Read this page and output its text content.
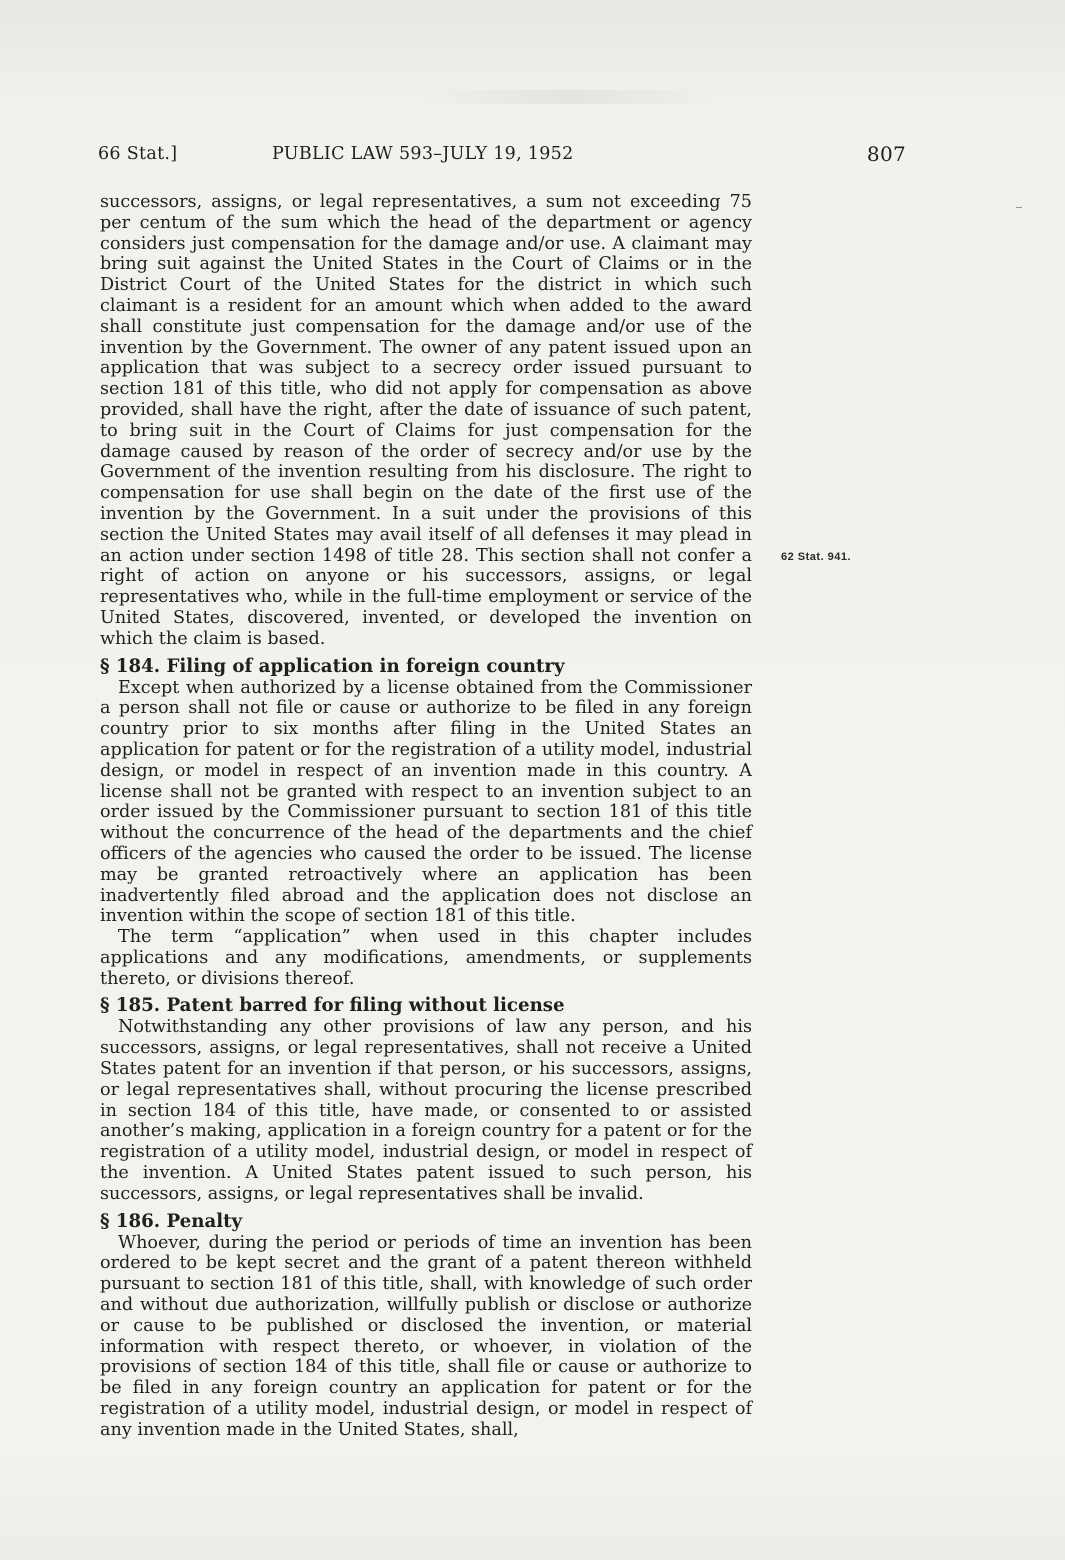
66 Stat.]	PUBLIC LAW 593–JULY 19, 1952	807

successors, assigns, or legal representatives, a sum not exceeding 75 per centum of the sum which the head of the department or agency considers just compensation for the damage and/or use. A claimant may bring suit against the United States in the Court of Claims or in the District Court of the United States for the district in which such claimant is a resident for an amount which when added to the award shall constitute just compensation for the damage and/or use of the invention by the Government. The owner of any patent issued upon an application that was subject to a secrecy order issued pursuant to section 181 of this title, who did not apply for compensation as above provided, shall have the right, after the date of issuance of such patent, to bring suit in the Court of Claims for just compensation for the damage caused by reason of the order of secrecy and/or use by the Government of the invention resulting from his disclosure. The right to compensation for use shall begin on the date of the first use of the invention by the Government. In a suit under the provisions of this section the United States may avail itself of all defenses it may plead in an action under section 1498 of title 28. This section shall not confer a right of action on anyone or his successors, assigns, or legal representatives who, while in the full-time employment or service of the United States, discovered, invented, or developed the invention on which the claim is based.

§ 184. Filing of application in foreign country

Except when authorized by a license obtained from the Commissioner a person shall not file or cause or authorize to be filed in any foreign country prior to six months after filing in the United States an application for patent or for the registration of a utility model, industrial design, or model in respect of an invention made in this country. A license shall not be granted with respect to an invention subject to an order issued by the Commissioner pursuant to section 181 of this title without the concurrence of the head of the departments and the chief officers of the agencies who caused the order to be issued. The license may be granted retroactively where an application has been inadvertently filed abroad and the application does not disclose an invention within the scope of section 181 of this title.

The term “application” when used in this chapter includes applications and any modifications, amendments, or supplements thereto, or divisions thereof.

§ 185. Patent barred for filing without license

Notwithstanding any other provisions of law any person, and his successors, assigns, or legal representatives, shall not receive a United States patent for an invention if that person, or his successors, assigns, or legal representatives shall, without procuring the license prescribed in section 184 of this title, have made, or consented to or assisted another’s making, application in a foreign country for a patent or for the registration of a utility model, industrial design, or model in respect of the invention. A United States patent issued to such person, his successors, assigns, or legal representatives shall be invalid.

§ 186. Penalty

Whoever, during the period or periods of time an invention has been ordered to be kept secret and the grant of a patent thereon withheld pursuant to section 181 of this title, shall, with knowledge of such order and without due authorization, willfully publish or disclose or authorize or cause to be published or disclosed the invention, or material information with respect thereto, or whoever, in violation of the provisions of section 184 of this title, shall file or cause or authorize to be filed in any foreign country an application for patent or for the registration of a utility model, industrial design, or model in respect of any invention made in the United States, shall,

62 Stat. 941.
